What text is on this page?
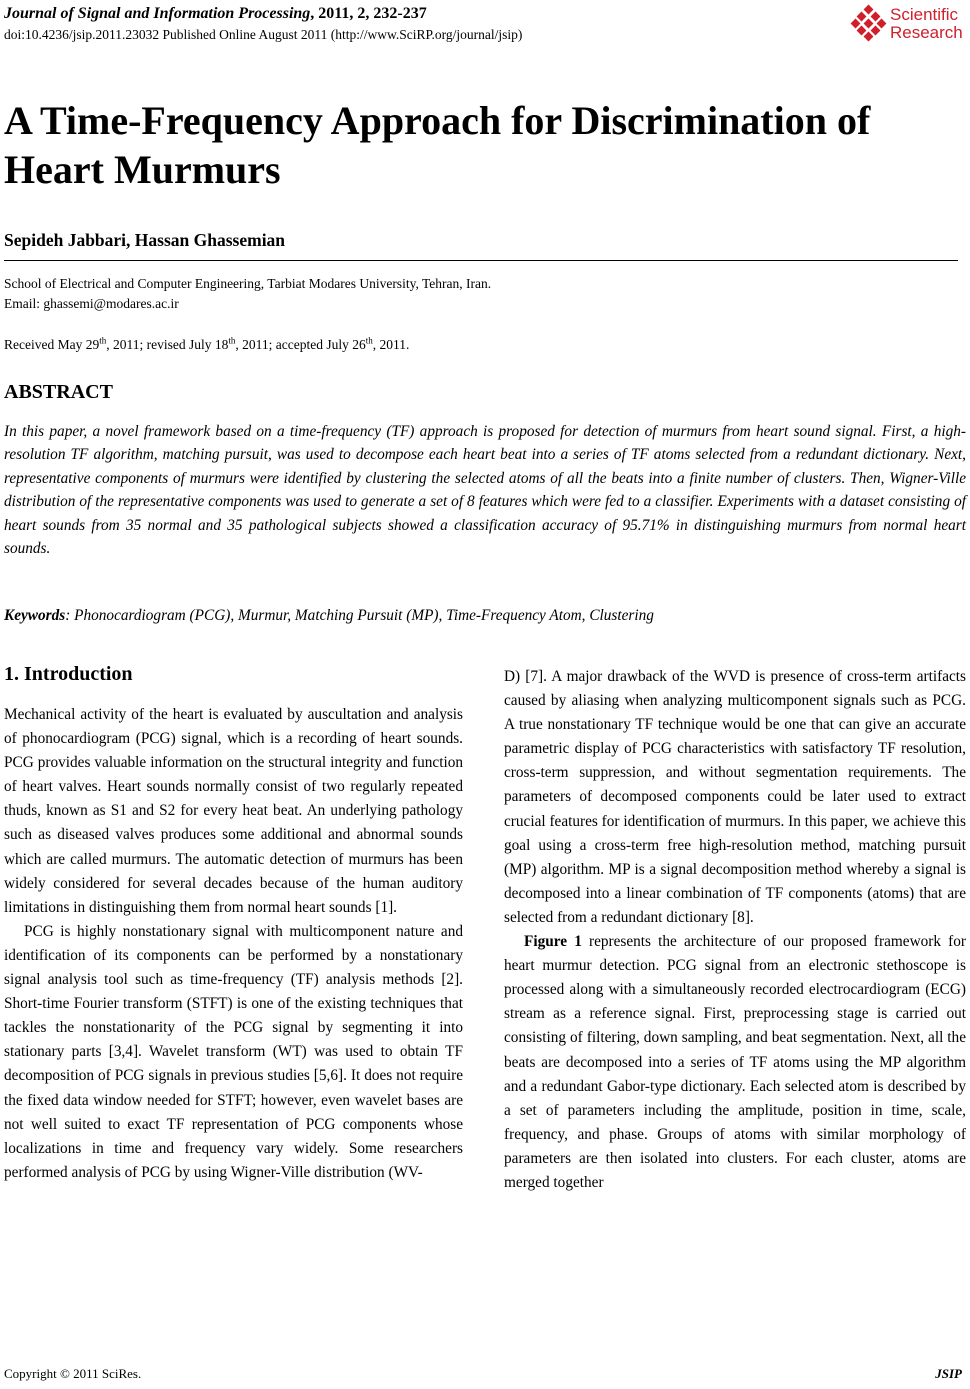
Journal of Signal and Information Processing, 2011, 2, 232-237
doi:10.4236/jsip.2011.23032 Published Online August 2011 (http://www.SciRP.org/journal/jsip)
Scientific
Research
A Time-Frequency Approach for Discrimination of Heart Murmurs
Sepideh Jabbari, Hassan Ghassemian
School of Electrical and Computer Engineering, Tarbiat Modares University, Tehran, Iran.
Email: ghassemi@modares.ac.ir
Received May 29th, 2011; revised July 18th, 2011; accepted July 26th, 2011.
ABSTRACT

In this paper, a novel framework based on a time-frequency (TF) approach is proposed for detection of murmurs from heart sound signal. First, a high-resolution TF algorithm, matching pursuit, was used to decompose each heart beat into a series of TF atoms selected from a redundant dictionary. Next, representative components of murmurs were identified by clustering the selected atoms of all the beats into a finite number of clusters. Then, Wigner-Ville distribution of the representative components was used to generate a set of 8 features which were fed to a classifier. Experiments with a dataset consisting of heart sounds from 35 normal and 35 pathological subjects showed a classification accuracy of 95.71% in distinguishing murmurs from normal heart sounds.

Keywords: Phonocardiogram (PCG), Murmur, Matching Pursuit (MP), Time-Frequency Atom, Clustering
1. Introduction

Mechanical activity of the heart is evaluated by auscultation and analysis of phonocardiogram (PCG) signal, which is a recording of heart sounds. PCG provides valuable information on the structural integrity and function of heart valves. Heart sounds normally consist of two regularly repeated thuds, known as S1 and S2 for every heat beat. An underlying pathology such as diseased valves produces some additional and abnormal sounds which are called murmurs. The automatic detection of murmurs has been widely considered for several decades because of the human auditory limitations in distinguishing them from normal heart sounds [1].

PCG is highly nonstationary signal with multicomponent nature and identification of its components can be performed by a nonstationary signal analysis tool such as time-frequency (TF) analysis methods [2]. Short-time Fourier transform (STFT) is one of the existing techniques that tackles the nonstationarity of the PCG signal by segmenting it into stationary parts [3,4]. Wavelet transform (WT) was used to obtain TF decomposition of PCG signals in previous studies [5,6]. It does not require the fixed data window needed for STFT; however, even wavelet bases are not well suited to exact TF representation of PCG components whose localizations in time and frequency vary widely. Some researchers performed analysis of PCG by using Wigner-Ville distribution (WV-

D) [7]. A major drawback of the WVD is presence of cross-term artifacts caused by aliasing when analyzing multicomponent signals such as PCG. A true nonstationary TF technique would be one that can give an accurate parametric display of PCG characteristics with satisfactory TF resolution, cross-term suppression, and without segmentation requirements. The parameters of decomposed components could be later used to extract crucial features for identification of murmurs. In this paper, we achieve this goal using a cross-term free high-resolution method, matching pursuit (MP) algorithm. MP is a signal decomposition method whereby a signal is decomposed into a linear combination of TF components (atoms) that are selected from a redundant dictionary [8].

Figure 1 represents the architecture of our proposed framework for heart murmur detection. PCG signal from an electronic stethoscope is processed along with a simultaneously recorded electrocardiogram (ECG) stream as a reference signal. First, preprocessing stage is carried out consisting of filtering, down sampling, and beat segmentation. Next, all the beats are decomposed into a series of TF atoms using the MP algorithm and a redundant Gabor-type dictionary. Each selected atom is described by a set of parameters including the amplitude, position in time, scale, frequency, and phase. Groups of atoms with similar morphology of parameters are then isolated into clusters. For each cluster, atoms are merged together

Copyright © 2011 SciRes.	JSIP
